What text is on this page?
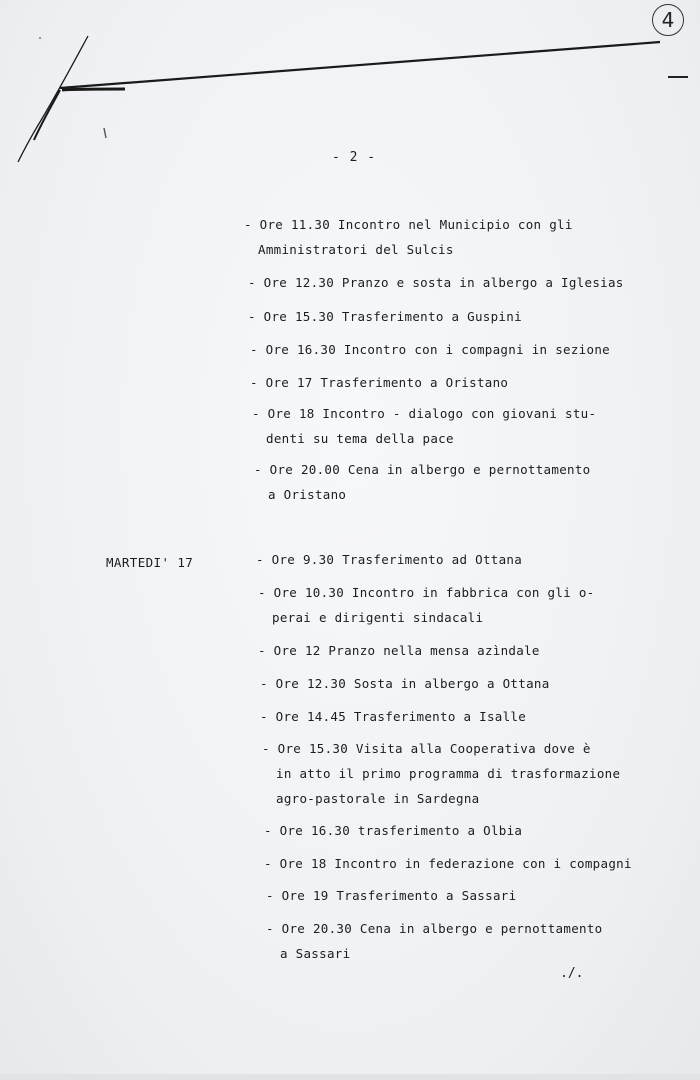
4
- 2 -
MARTEDI' 17
- Ore 11.30 Incontro nel Municipio con gli
Amministratori del Sulcis
- Ore 12.30 Pranzo e sosta in albergo a Iglesias
- Ore 15.30 Trasferimento a Guspini
- Ore 16.30 Incontro con i compagni in sezione
- Ore 17 Trasferimento a Oristano
- Ore 18 Incontro - dialogo con giovani stu-
denti su tema della pace
- Ore 20.00 Cena in albergo e pernottamento
a Oristano
- Ore 9.30 Trasferimento ad Ottana
- Ore 10.30 Incontro in fabbrica con gli o-
perai e dirigenti sindacali
- Ore 12 Pranzo nella mensa azìndale
- Ore 12.30 Sosta in albergo a Ottana
- Ore 14.45 Trasferimento a Isalle
- Ore 15.30 Visita alla Cooperativa dove è
in atto il primo programma di trasformazione
agro-pastorale in Sardegna
- Ore 16.30 trasferimento a Olbia
- Ore 18 Incontro in federazione con i compagni
- Ore 19 Trasferimento a Sassari
- Ore 20.30 Cena in albergo e pernottamento
a Sassari
./.
